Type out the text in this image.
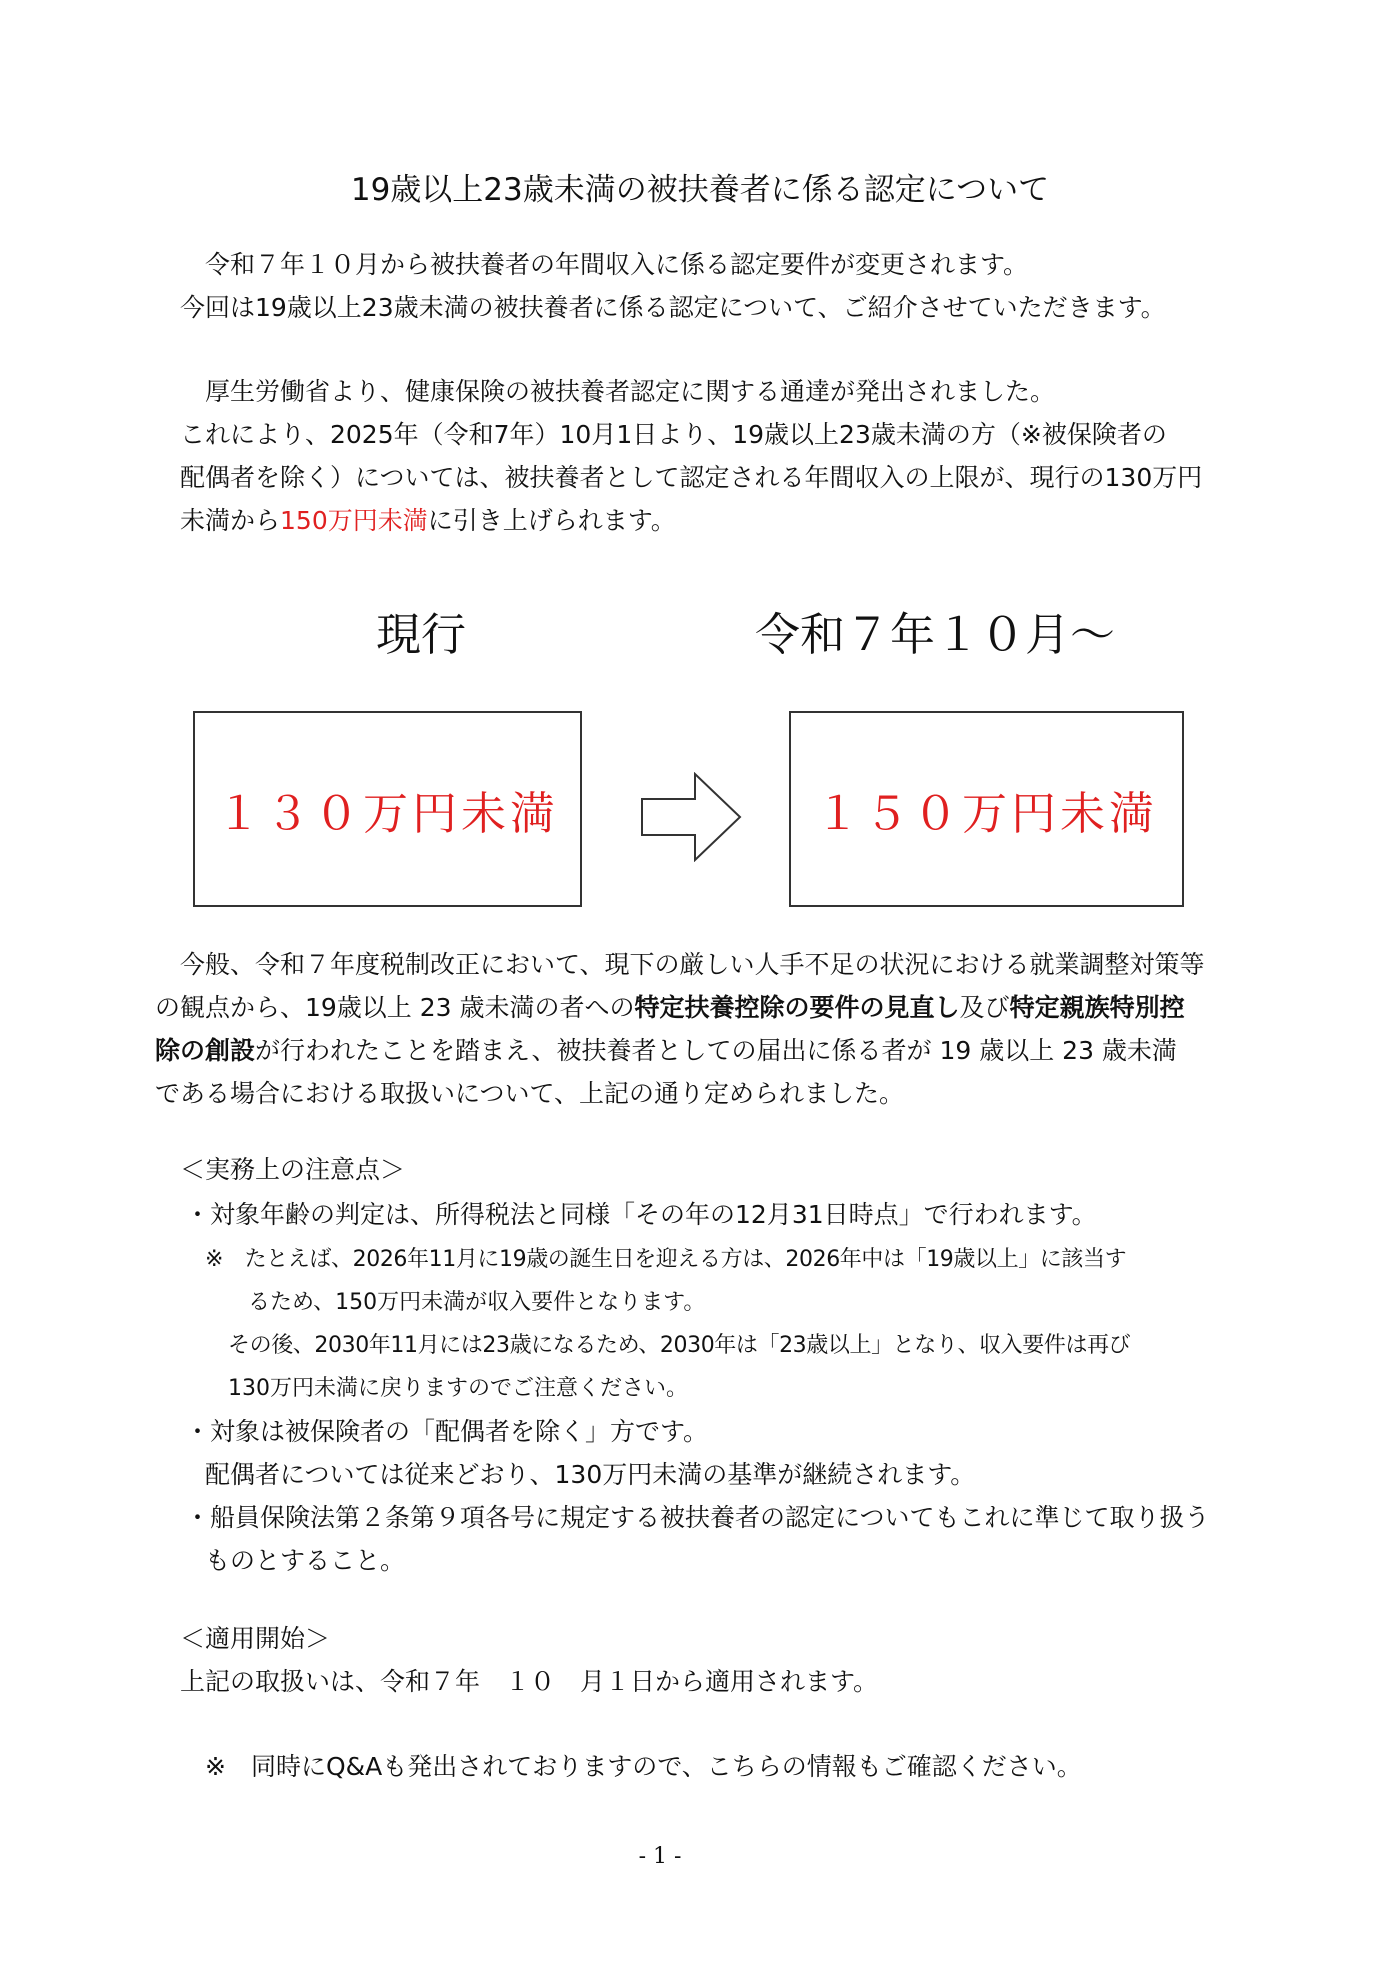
19歳以上23歳未満の被扶養者に係る認定について
令和７年１０月から被扶養者の年間収入に係る認定要件が変更されます。
今回は19歳以上23歳未満の被扶養者に係る認定について、ご紹介させていただきます。
厚生労働省より、健康保険の被扶養者認定に関する通達が発出されました。
これにより、2025年（令和7年）10月1日より、19歳以上23歳未満の方（※被保険者の
配偶者を除く）については、被扶養者として認定される年間収入の上限が、現行の130万円
未満から150万円未満に引き上げられます。
現行	令和７年１０月～
１３０万円未満	１５０万円未満
今般、令和７年度税制改正において、現下の厳しい人手不足の状況における就業調整対策等
の観点から、19歳以上 23 歳未満の者への特定扶養控除の要件の見直し及び特定親族特別控
除の創設が行われたことを踏まえ、被扶養者としての届出に係る者が 19 歳以上 23 歳未満
である場合における取扱いについて、上記の通り定められました。
＜実務上の注意点＞
・対象年齢の判定は、所得税法と同様「その年の12月31日時点」で行われます。
※　たとえば、2026年11月に19歳の誕生日を迎える方は、2026年中は「19歳以上」に該当す
るため、150万円未満が収入要件となります。
その後、2030年11月には23歳になるため、2030年は「23歳以上」となり、収入要件は再び
130万円未満に戻りますのでご注意ください。
・対象は被保険者の「配偶者を除く」方です。
配偶者については従来どおり、130万円未満の基準が継続されます。
・船員保険法第２条第９項各号に規定する被扶養者の認定についてもこれに準じて取り扱う
ものとすること。
＜適用開始＞
上記の取扱いは、令和７年　１０　月１日から適用されます。
※　同時にQ&Aも発出されておりますので、こちらの情報もご確認ください。
- 1 -
